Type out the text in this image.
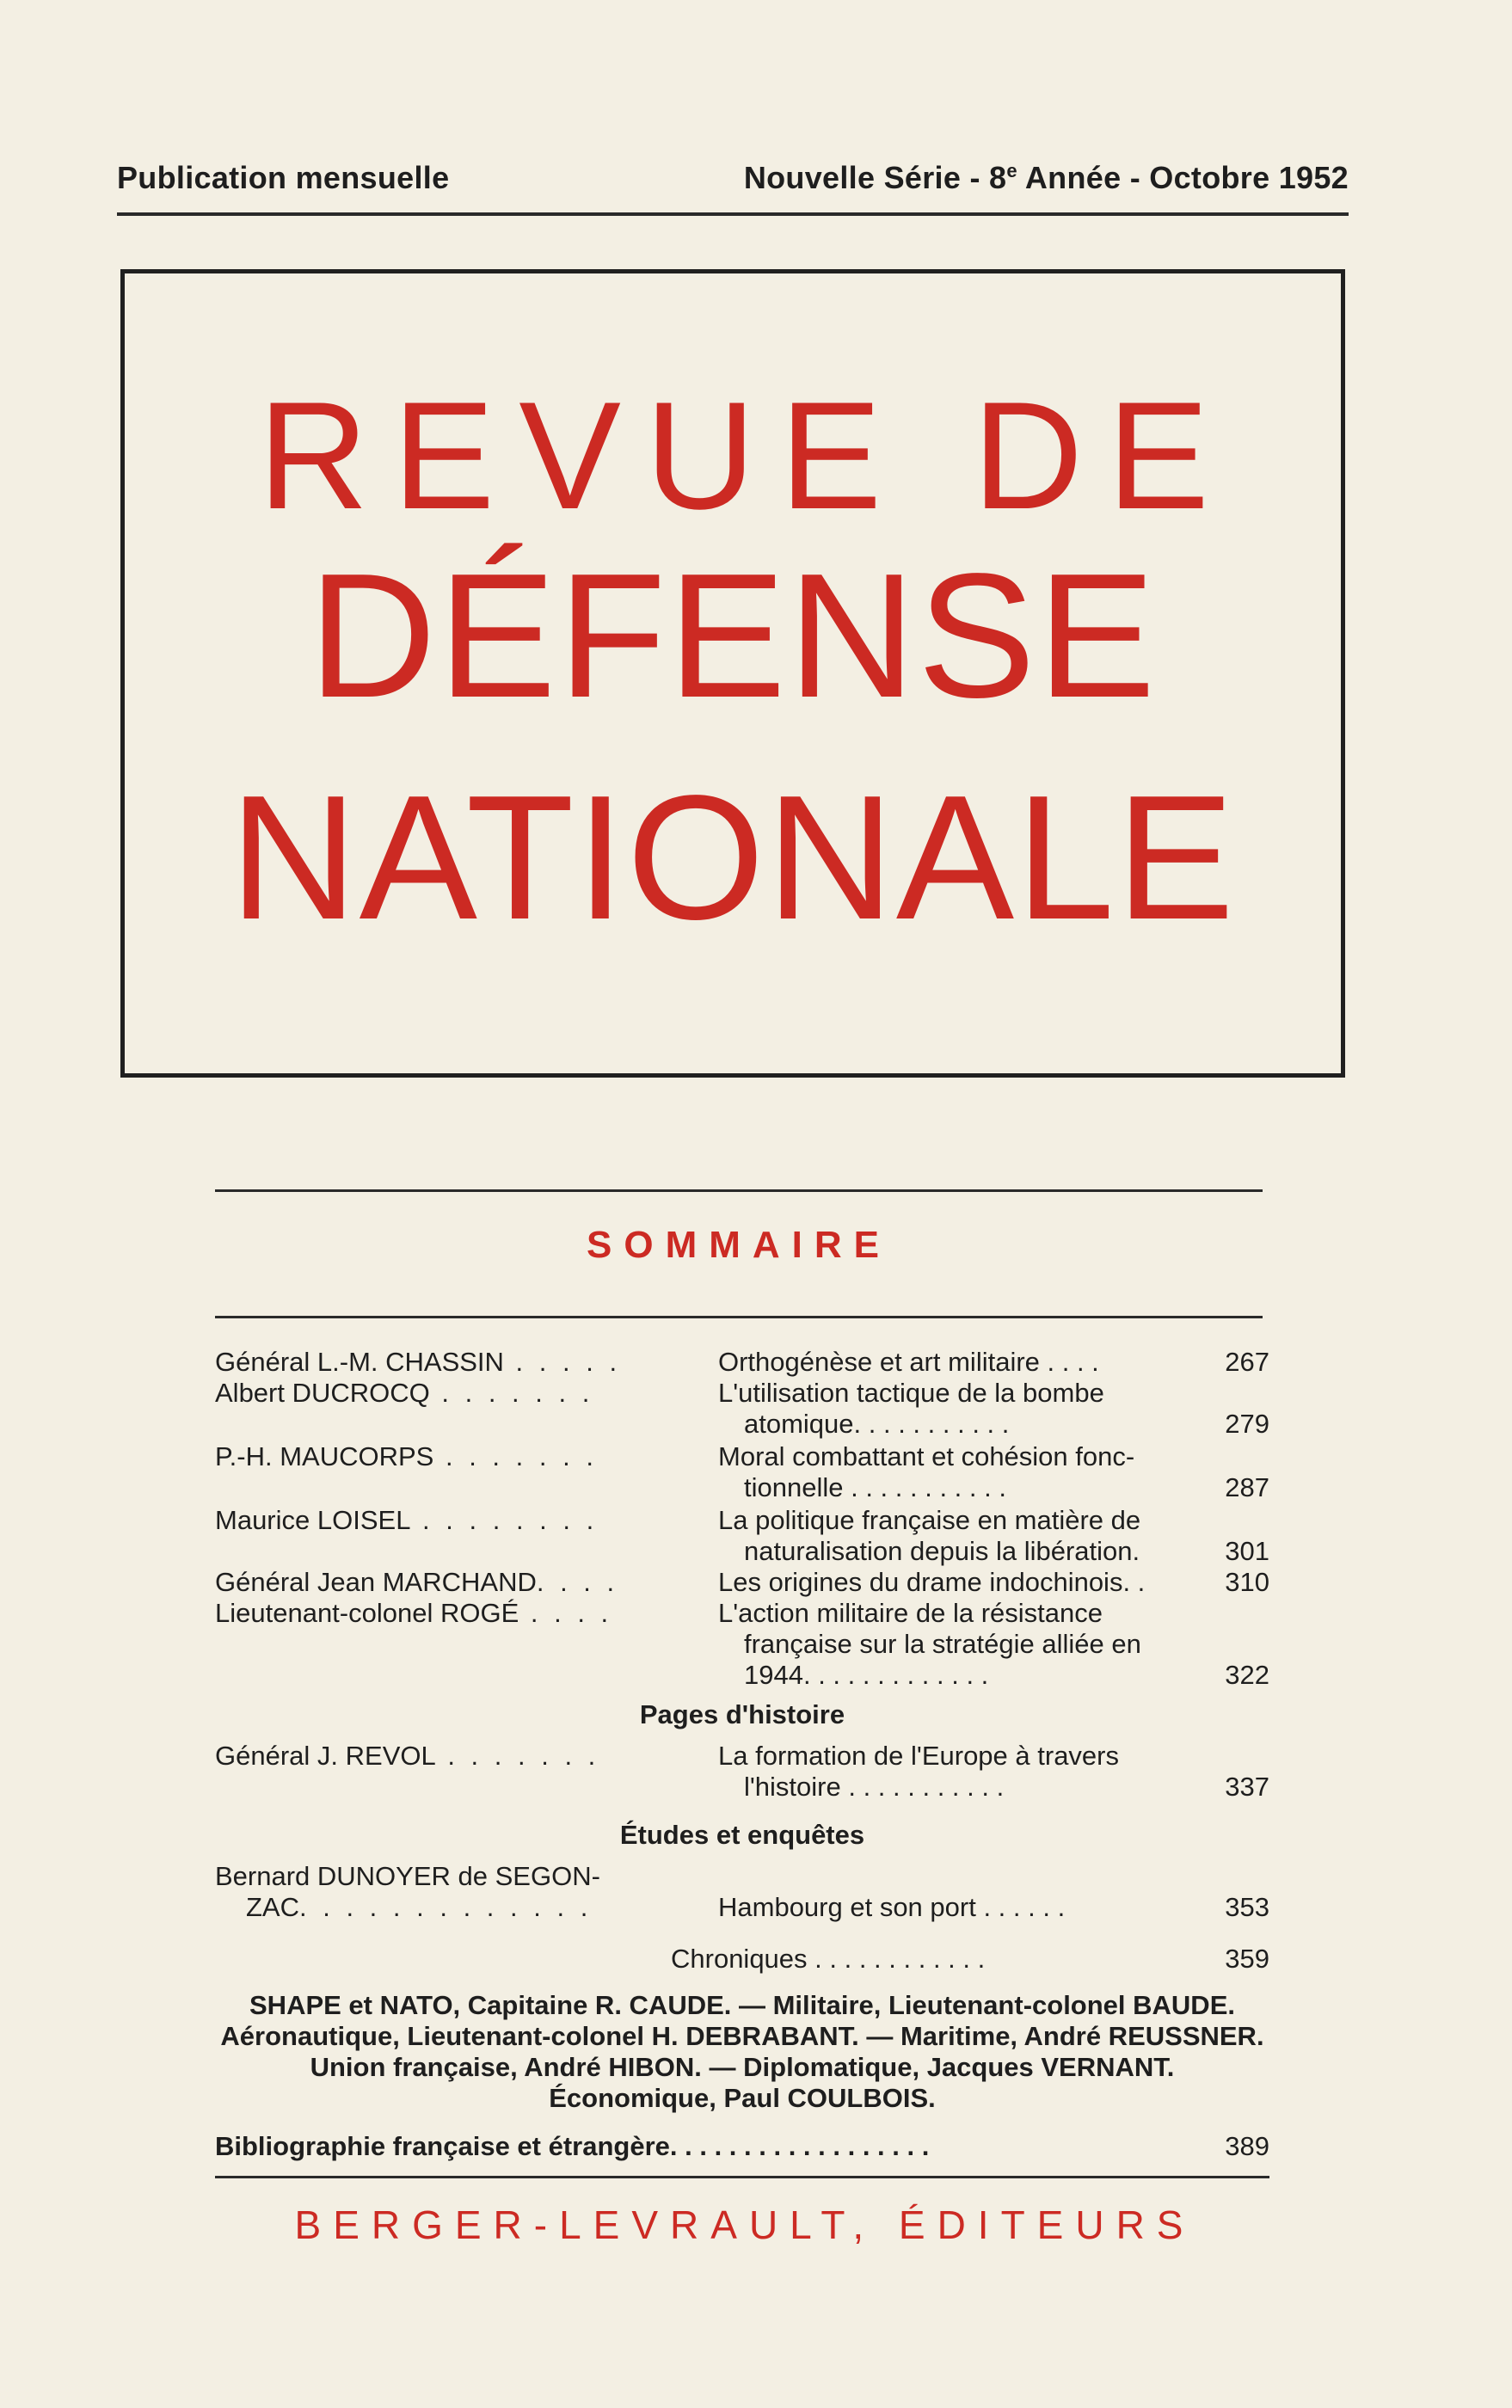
Publication mensuelle	Nouvelle Série - 8e Année - Octobre 1952
REVUE DE
DÉFENSE
NATIONALE
SOMMAIRE
Général L.-M. CHASSIN . . . . .	Orthogénèse et art militaire . . . .	267
Albert DUCROCQ . . . . . . .	L'utilisation tactique de la bombe
atomique. . . . . . . . . . .	279
P.-H. MAUCORPS . . . . . . .	Moral combattant et cohésion fonc-
tionnelle . . . . . . . . . . .	287
Maurice LOISEL . . . . . . . .	La politique française en matière de
naturalisation depuis la libération.	301
Général Jean MARCHAND. . . .	Les origines du drame indochinois. .	310
Lieutenant-colonel ROGÉ . . . .	L'action militaire de la résistance
française sur la stratégie alliée en
1944. . . . . . . . . . . . .	322
Pages d'histoire
Général J. REVOL . . . . . . .	La formation de l'Europe à travers
l'histoire . . . . . . . . . . .	337
Études et enquêtes
Bernard DUNOYER de SEGON-
ZAC. . . . . . . . . . . . .	Hambourg et son port . . . . . .	353
Chroniques . . . . . . . . . . . .	359
SHAPE et NATO, Capitaine R. CAUDE. — Militaire, Lieutenant-colonel BAUDE.
Aéronautique, Lieutenant-colonel H. DEBRABANT. — Maritime, André REUSSNER.
Union française, André HIBON. — Diplomatique, Jacques VERNANT.
Économique, Paul COULBOIS.
Bibliographie française et étrangère. . . . . . . . . . . . . . . . . .	389
BERGER-LEVRAULT, ÉDITEURS
